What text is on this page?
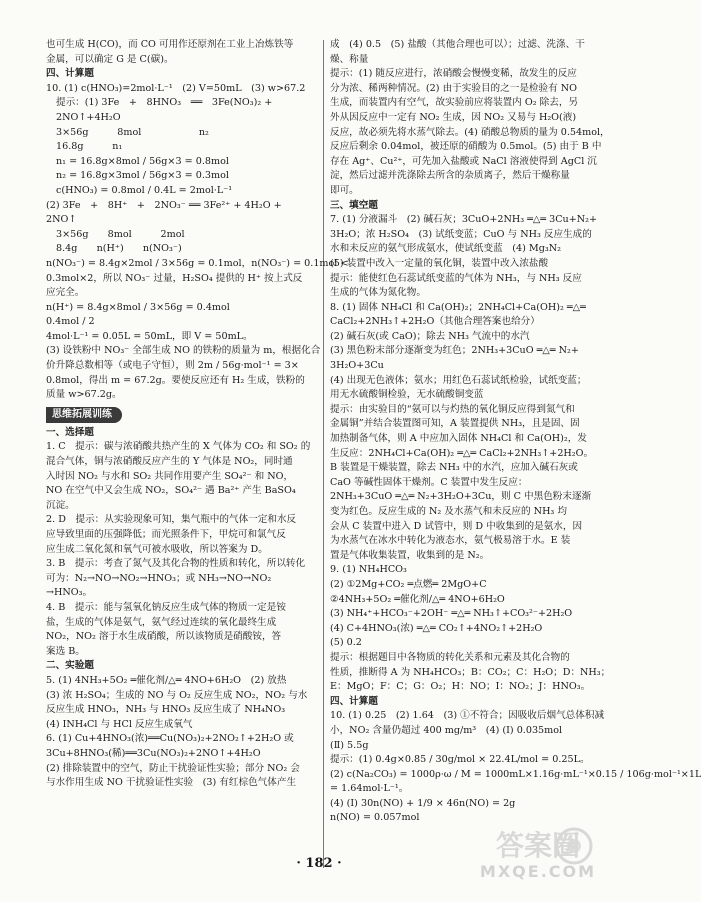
也可生成 H(CO)，而 CO 可用作还原剂在工业上冶炼铁等
金属，可以确定 G 是 C(碳)。
四、计算题
10. (1) c(HNO₃)=2mol·L⁻¹　(2) V=50mL　(3) w>67.2
提示：(1) 3Fe　+　8HNO₃　══　3Fe(NO₃)₂ +
2NO↑+4H₂O
3×56g　　　8mol　　　　　　n₂
16.8g　　　n₁
n₁ = 16.8g×8mol / 56g×3 = 0.8mol
n₂ = 16.8g×3mol / 56g×3 = 0.3mol
c(HNO₃) = 0.8mol / 0.4L = 2mol·L⁻¹
(2) 3Fe　+　8H⁺　+　2NO₃⁻ ══ 3Fe²⁺ + 4H₂O +
2NO↑
3×56g　　8mol　　　2mol
8.4g　　n(H⁺)　　n(NO₃⁻)
n(NO₃⁻) = 8.4g×2mol / 3×56g = 0.1mol，n(NO₃⁻) = 0.1mol <
0.3mol×2，所以 NO₃⁻ 过量，H₂SO₄ 提供的 H⁺ 按上式反
应完全。
n(H⁺) = 8.4g×8mol / 3×56g = 0.4mol
0.4mol / 2
4mol·L⁻¹ = 0.05L = 50mL，即 V = 50mL。
(3) 设铁粉中 NO₃⁻ 全部生成 NO 的铁粉的质量为 m，根据化合
价升降总数相等（或电子守恒），则 2m / 56g·mol⁻¹ = 3×
0.8mol，得出 m = 67.2g。要使反应还有 H₂ 生成，铁粉的
质量 w>67.2g。
思维拓展训练
一、选择题
1. C　提示：碳与浓硝酸共热产生的 X 气体为 CO₂ 和 SO₂ 的
混合气体，铜与浓硝酸反应产生的 Y 气体是 NO₂，同时通
入时因 NO₂ 与水和 SO₂ 共同作用要产生 SO₄²⁻ 和 NO，
NO 在空气中又会生成 NO₂，SO₄²⁻ 遇 Ba²⁺ 产生 BaSO₄
沉淀。
2. D　提示：从实验现象可知，集气瓶中的气体一定和水反
应导致里面的压强降低；而光照条件下，甲烷可和氯气反
应生成二氧化氮和氧气可被水吸收，所以答案为 D。
3. B　提示：考查了氮气及其化合物的性质和转化，所以转化
可为：N₂→NO→NO₂→HNO₃；或 NH₃→NO→NO₂
→HNO₃。
4. B　提示：能与氢氧化钠反应生成气体的物质一定是铵
盐，生成的气体是氨气，氨气经过连续的氧化最终生成
NO₂，NO₂ 溶于水生成硝酸，所以该物质是硝酸铵，答
案选 B。
二、实验题
5. (1) 4NH₃+5O₂ ═催化剂/△═ 4NO+6H₂O　(2) 放热
(3) 浓 H₂SO₄；生成的 NO 与 O₂ 反应生成 NO₂，NO₂ 与水
反应生成 HNO₃，NH₃ 与 HNO₃ 反应生成了 NH₄NO₃
(4) ⅠNH₄Cl 与 HCl 反应生成氧气
6. (1) Cu+4HNO₃(浓)══Cu(NO₃)₂+2NO₂↑+2H₂O 或
3Cu+8HNO₃(稀)══3Cu(NO₃)₂+2NO↑+4H₂O
(2) 排除装置中的空气，防止干扰验证性实验；部分 NO₂ 会
与水作用生成 NO 干扰验证性实验　(3) 有红棕色气体产生
成　(4) 0.5　(5) 盐酸（其他合理也可以）；过滤、洗涤、干
燥、称量
提示：(1) 随反应进行，浓硝酸会慢慢变稀，故发生的反应
分为浓、稀两种情况。(2) 由于实验目的之一是检验有 NO
生成，而装置内有空气，故实验前应将装置内 O₂ 除去，另
外从因反应中一定有 NO₂ 生成，因 NO₂ 又易与 H₂O(液)
反应，故必须先将水蒸气除去。(4) 硝酸总物质的量为 0.54mol，
反应后剩余 0.04mol，被还原的硝酸为 0.5mol。(5) 由于 B 中
存在 Ag⁺、Cu²⁺，可先加入盐酸或 NaCl 溶液使得到 AgCl 沉
淀，然后过滤并洗涤除去所含的杂质离子，然后干燥称量
即可。
三、填空题
7. (1) 分液漏斗　(2) 碱石灰；3CuO+2NH₃ ═△═ 3Cu+N₂+
3H₂O；浓 H₂SO₄　(3) 试纸变蓝；CuO 与 NH₃ 反应生成的
水和未反应的氨气形成氨水，使试纸变蓝　(4) Mg₃N₂
(5) 装置中改入一定量的氧化铜，装置中改入浓盐酸
提示：能使红色石蕊试纸变蓝的气体为 NH₃，与 NH₃ 反应
生成的气体为氮化物。
8. (1) 固体 NH₄Cl 和 Ca(OH)₂；2NH₄Cl+Ca(OH)₂ ═△═
CaCl₂+2NH₃↑+2H₂O（其他合理答案也给分）
(2) 碱石灰(或 CaO)；除去 NH₃ 气流中的水汽
(3) 黑色粉末部分逐渐变为红色；2NH₃+3CuO ═△═ N₂+
3H₂O+3Cu
(4) 出现无色液体；氨水；用红色石蕊试纸检验，试纸变蓝；
用无水硫酸铜检验，无水硫酸铜变蓝
提示：由实验目的“氨可以与灼热的氧化铜反应得到氮气和
金属铜”并结合装置图可知，A 装置提供 NH₃，且是固、固
加热制备气体，则 A 中应加入固体 NH₄Cl 和 Ca(OH)₂，发
生反应：2NH₄Cl+Ca(OH)₂ ═△═ CaCl₂+2NH₃↑+2H₂O。
B 装置是干燥装置，除去 NH₃ 中的水汽，应加入碱石灰或
CaO 等碱性固体干燥剂。C 装置中发生反应：
2NH₃+3CuO ═△═ N₂+3H₂O+3Cu，则 C 中黑色粉末逐渐
变为红色。反应生成的 N₂ 及水蒸气和未反应的 NH₃ 均
会从 C 装置中进入 D 试管中，则 D 中收集到的是氨水，因
为水蒸气在冰水中转化为液态水，氨气极易溶于水。E 装
置是气体收集装置，收集到的是 N₂。
9. (1) NH₄HCO₃
(2) ①2Mg+CO₂ ═点燃═ 2MgO+C
②4NH₃+5O₂ ═催化剂/△═ 4NO+6H₂O
(3) NH₄⁺+HCO₃⁻+2OH⁻ ═△═ NH₃↑+CO₃²⁻+2H₂O
(4) C+4HNO₃(浓) ═△═ CO₂↑+4NO₂↑+2H₂O
(5) 0.2
提示：根据题目中各物质的转化关系和元素及其化合物的
性质，推断得 A 为 NH₄HCO₃；B：CO₂；C：H₂O；D：NH₃；
E：MgO；F：C；G：O₂；H：NO；I：NO₂；J：HNO₃。
四、计算题
10. (1) 0.25　(2) 1.64　(3) ①不符合；因吸收后烟气总体积减
小，NO₂ 含量仍超过 400 mg/m³　(4) (Ⅰ) 0.035mol
(Ⅱ) 5.5g
提示：(1) 0.4g×0.85 / 30g/mol × 22.4L/mol = 0.25L。
(2) c(Na₂CO₃) = 1000ρ·ω / M = 1000mL×1.16g·mL⁻¹×0.15 / 106g·mol⁻¹×1L
= 1.64mol·L⁻¹。
(4) (Ⅰ) 30n(NO) + 1/9 × 46n(NO) = 2g
n(NO) = 0.057mol
· 182 ·
答案圈
MXQE.COM
